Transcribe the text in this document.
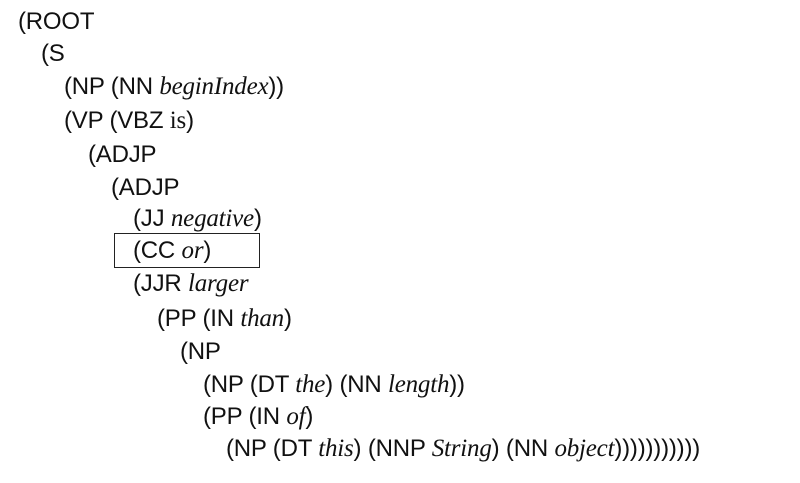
(ROOT
(S
(NP (NN beginIndex))
(VP (VBZ is)
(ADJP
(ADJP
(JJ negative)
(CC or)
(JJR larger
(PP (IN than)
(NP
(NP (DT the) (NN length))
(PP (IN of)
(NP (DT this) (NNP String) (NN object)))))))))))
